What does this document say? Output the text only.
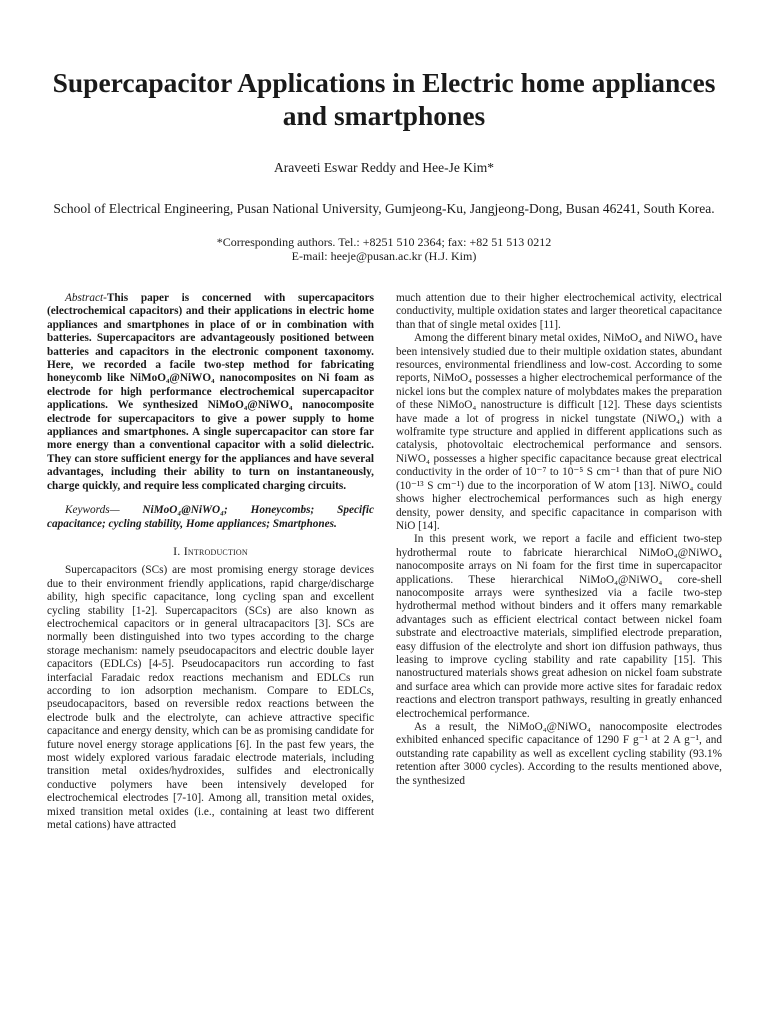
Supercapacitor Applications in Electric home appliances and smartphones

Araveeti Eswar Reddy and Hee-Je Kim*

School of Electrical Engineering, Pusan National University, Gumjeong-Ku, Jangjeong-Dong, Busan 46241, South Korea.

*Corresponding authors. Tel.: +8251 510 2364; fax: +82 51 513 0212
E-mail: heeje@pusan.ac.kr (H.J. Kim)

Abstract-This paper is concerned with supercapacitors (electrochemical capacitors) and their applications in electric home appliances and smartphones in place of or in combination with batteries. Supercapacitors are advantageously positioned between batteries and capacitors in the electronic component taxonomy. Here, we recorded a facile two-step method for fabricating honeycomb like NiMoO₄@NiWO₄ nanocomposites on Ni foam as electrode for high performance electrochemical supercapacitor applications. We synthesized NiMoO₄@NiWO₄ nanocomposite electrode for supercapacitors to give a power supply to home appliances and smartphones. A single supercapacitor can store far more energy than a conventional capacitor with a solid dielectric. They can store sufficient energy for the appliances and have several advantages, including their ability to turn on instantaneously, charge quickly, and require less complicated charging circuits.

Keywords— NiMoO₄@NiWO₄; Honeycombs; Specific capacitance; cycling stability, Home appliances; Smartphones.

I. Introduction

Supercapacitors (SCs) are most promising energy storage devices due to their environment friendly applications, rapid charge/discharge ability, high specific capacitance, long cycling span and excellent cycling stability [1-2]. Supercapacitors (SCs) are also known as electrochemical capacitors or in general ultracapacitors [3]. SCs are normally been distinguished into two types according to the charge storage mechanism: namely pseudocapacitors and electric double layer capacitors (EDLCs) [4-5]. Pseudocapacitors run according to fast interfacial Faradaic redox reactions mechanism and EDLCs run according to ion adsorption mechanism. Compare to EDLCs, pseudocapacitors, based on reversible redox reactions between the electrode bulk and the electrolyte, can achieve attractive specific capacitance and energy density, which can be as promising candidate for future novel energy storage applications [6]. In the past few years, the most widely explored various faradaic electrode materials, including transition metal oxides/hydroxides, sulfides and electronically conductive polymers have been intensively developed for electrochemical electrodes [7-10]. Among all, transition metal oxides, mixed transition metal oxides (i.e., containing at least two different metal cations) have attracted

much attention due to their higher electrochemical activity, electrical conductivity, multiple oxidation states and larger theoretical capacitance than that of single metal oxides [11].

Among the different binary metal oxides, NiMoO₄ and NiWO₄ have been intensively studied due to their multiple oxidation states, abundant resources, environmental friendliness and low-cost. According to some reports, NiMoO₄ possesses a higher electrochemical performance of the nickel ions but the complex nature of molybdates makes the preparation of these NiMoO₄ nanostructure is difficult [12]. These days scientists have made a lot of progress in nickel tungstate (NiWO₄) with a wolframite type structure and applied in different applications such as catalysis, photovoltaic electrochemical performance and sensors. NiWO₄ possesses a higher specific capacitance because great electrical conductivity in the order of 10⁻⁷ to 10⁻⁵ S cm⁻¹ than that of pure NiO (10⁻¹³ S cm⁻¹) due to the incorporation of W atom [13]. NiWO₄ could shows higher electrochemical performances such as high energy density, power density, and specific capacitance in comparison with NiO [14].

In this present work, we report a facile and efficient two-step hydrothermal route to fabricate hierarchical NiMoO₄@NiWO₄ nanocomposite arrays on Ni foam for the first time in supercapacitor applications. These hierarchical NiMoO₄@NiWO₄ core-shell nanocomposite arrays were synthesized via a facile two-step hydrothermal method without binders and it offers many remarkable advantages such as efficient electrical contact between nickel foam substrate and electroactive materials, simplified electrode preparation, easy diffusion of the electrolyte and short ion diffusion pathways, thus leasing to improve cycling stability and rate capability [15]. This nanostructured materials shows great adhesion on nickel foam substrate and surface area which can provide more active sites for faradaic redox reactions and electron transport pathways, resulting in greatly enhanced electrochemical performance.

As a result, the NiMoO₄@NiWO₄ nanocomposite electrodes exhibited enhanced specific capacitance of 1290 F g⁻¹ at 2 A g⁻¹, and outstanding rate capability as well as excellent cycling stability (93.1% retention after 3000 cycles). According to the results mentioned above, the synthesized
